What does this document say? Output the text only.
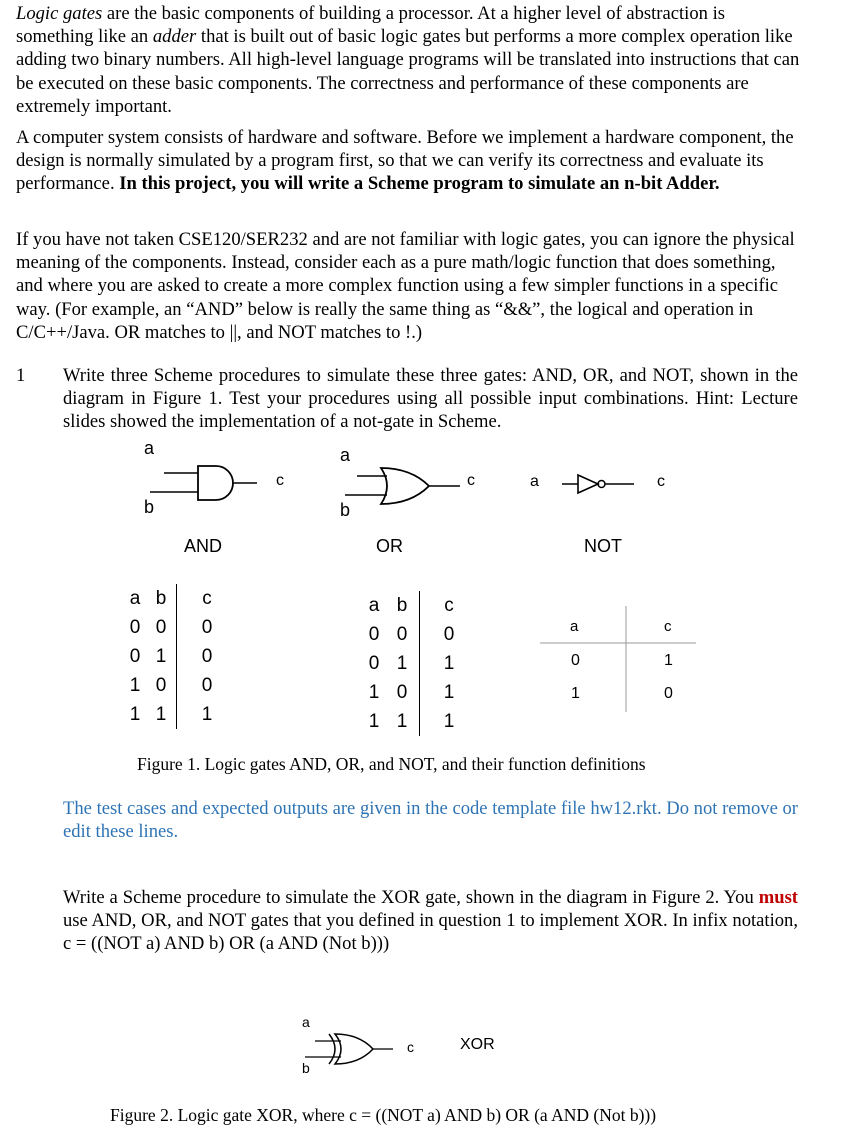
Logic gates are the basic components of building a processor. At a higher level of abstraction is something like an adder that is built out of basic logic gates but performs a more complex operation like adding two binary numbers. All high-level language programs will be translated into instructions that can be executed on these basic components. The correctness and performance of these components are extremely important.
A computer system consists of hardware and software. Before we implement a hardware component, the design is normally simulated by a program first, so that we can verify its correctness and evaluate its performance. In this project, you will write a Scheme program to simulate an n-bit Adder.
If you have not taken CSE120/SER232 and are not familiar with logic gates, you can ignore the physical meaning of the components. Instead, consider each as a pure math/logic function that does something, and where you are asked to create a more complex function using a few simpler functions in a specific way. (For example, an “AND” below is really the same thing as “&&”, the logical and operation in C/C++/Java. OR matches to ||, and NOT matches to !.)
1 Write three Scheme procedures to simulate these three gates: AND, OR, and NOT, shown in the diagram in Figure 1. Test your procedures using all possible input combinations. Hint: Lecture slides showed the implementation of a not-gate in Scheme.
a
b
c
AND
a
b
c
OR
a	c
NOT
a	b	c
0	0	0
0	1	0
1	0	0
1	1	1
a	b	c
0	0	0
0	1	1
1	0	1
1	1	1
a	c
0	1
1	0
Figure 1. Logic gates AND, OR, and NOT, and their function definitions
The test cases and expected outputs are given in the code template file hw12.rkt. Do not remove or edit these lines.
Write a Scheme procedure to simulate the XOR gate, shown in the diagram in Figure 2. You must use AND, OR, and NOT gates that you defined in question 1 to implement XOR. In infix notation, c = ((NOT a) AND b) OR (a AND (Not b)))
a
b
c	XOR
Figure 2. Logic gate XOR, where c = ((NOT a) AND b) OR (a AND (Not b)))
